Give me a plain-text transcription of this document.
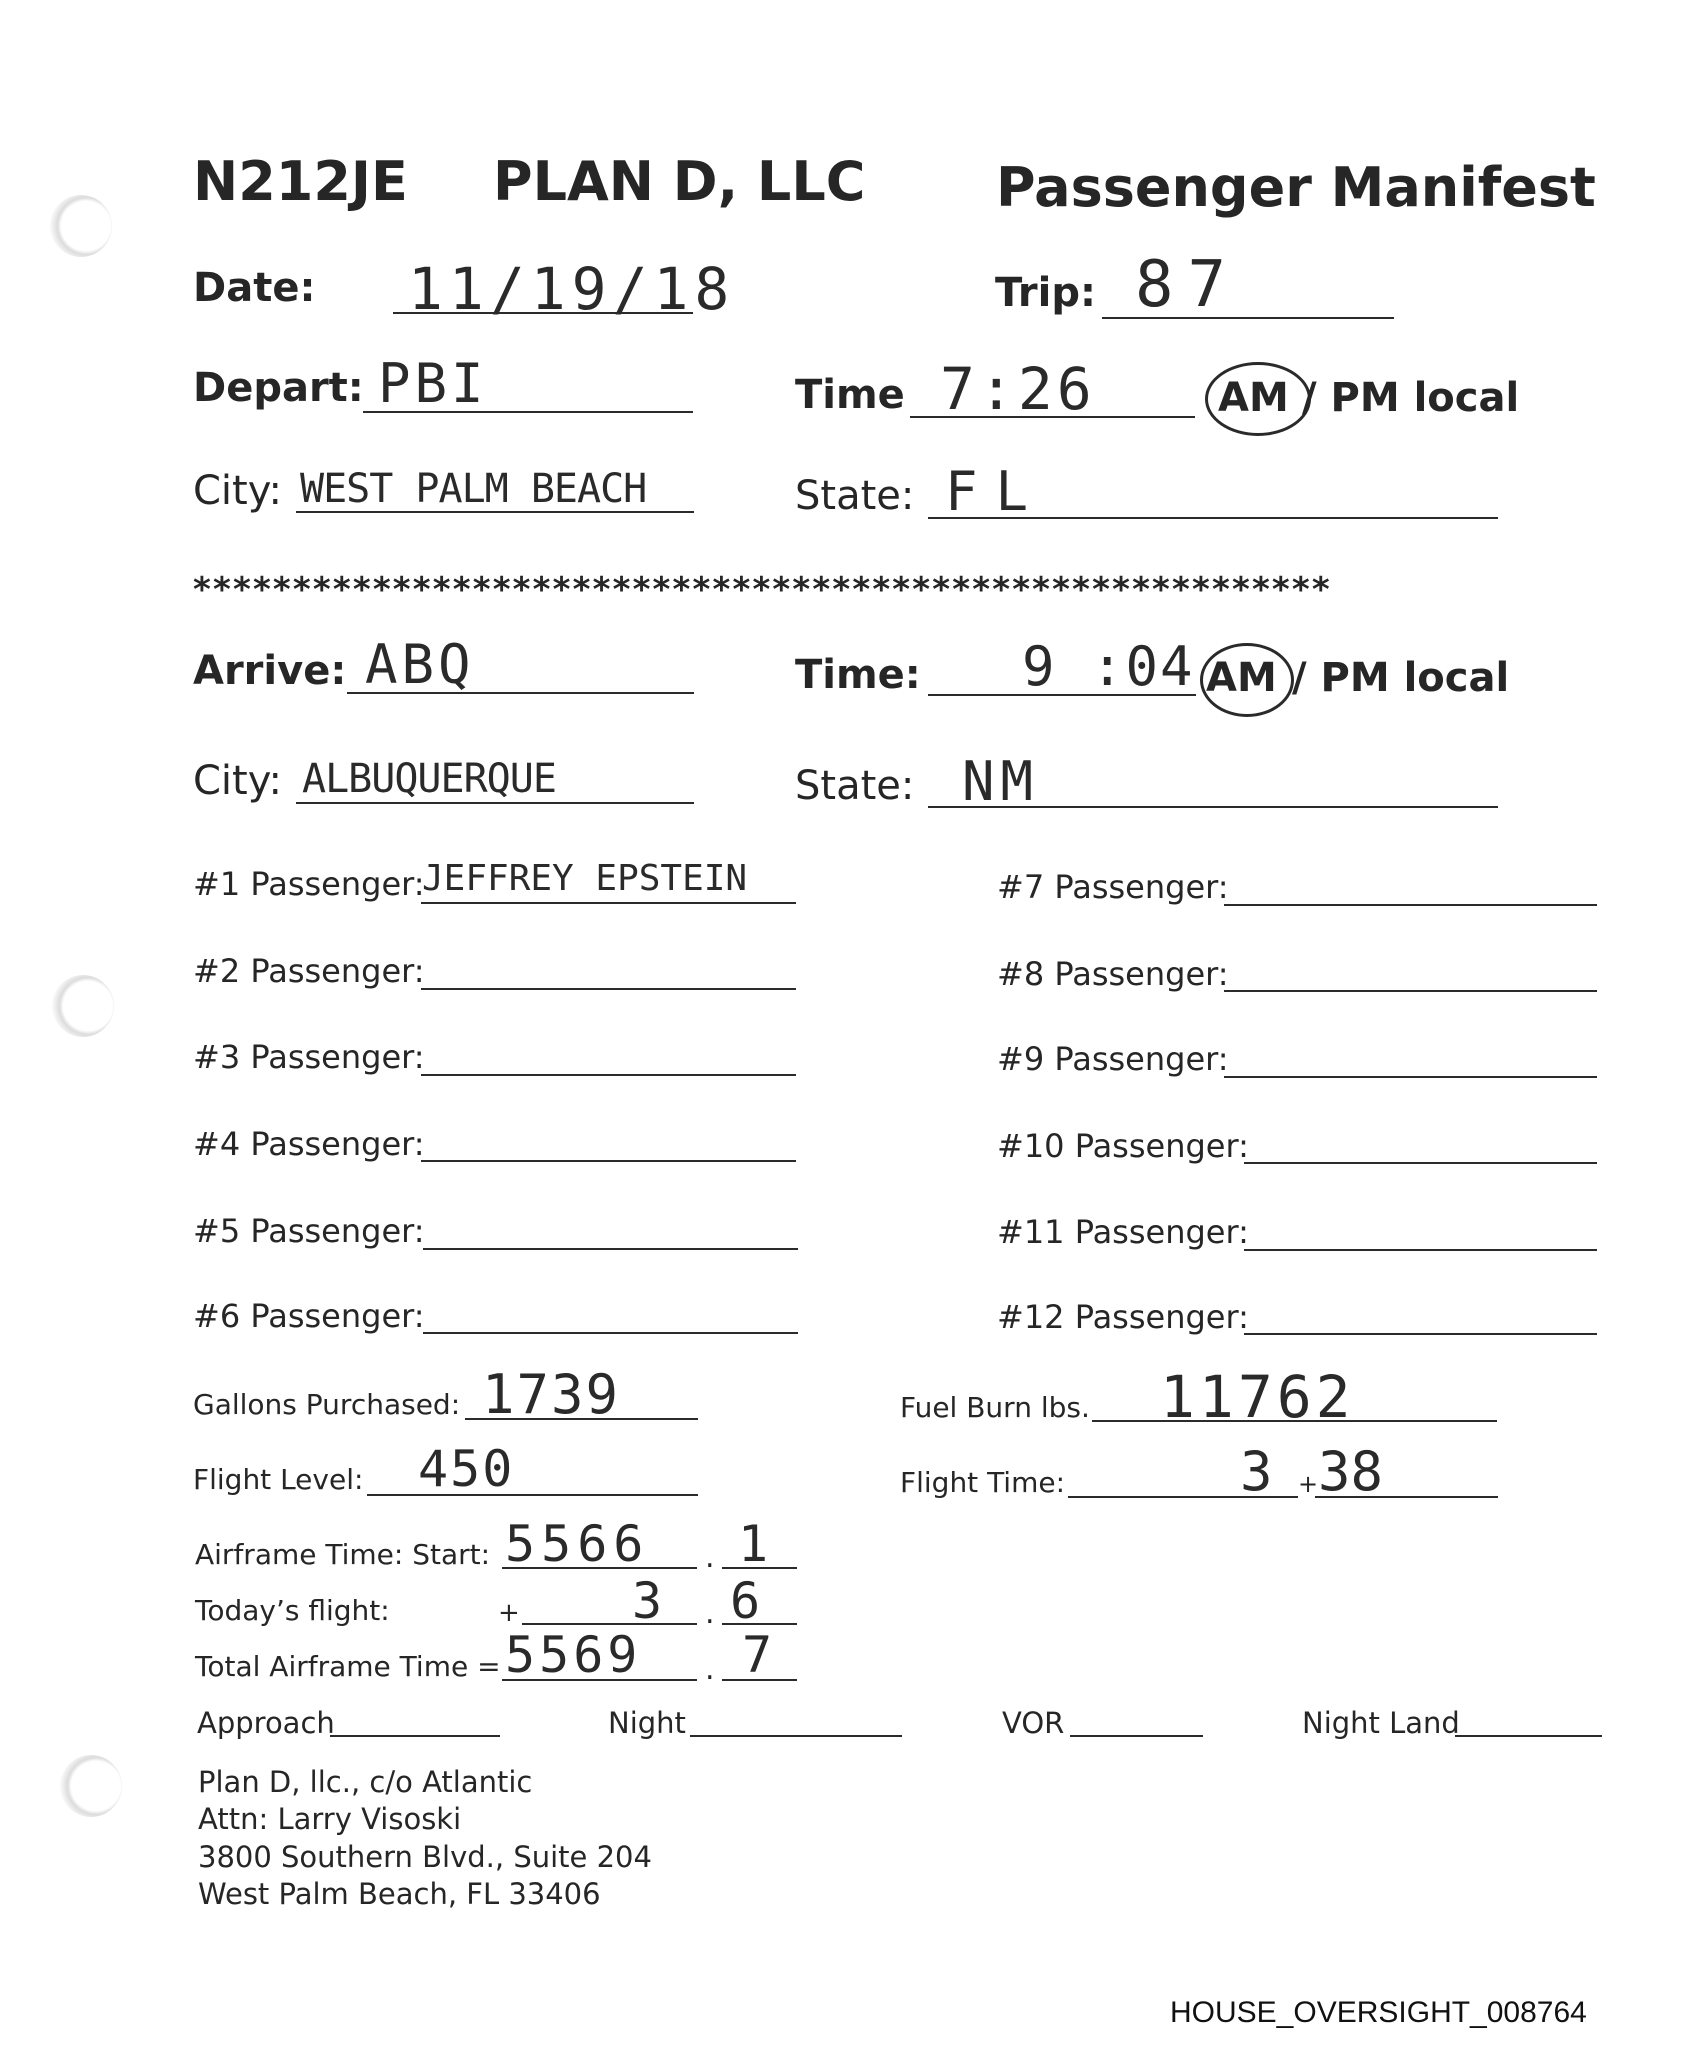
N212JE PLAN D, LLC Passenger Manifest
Date: 11/19/18	Trip: 87
Depart: PBI	Time 7:26	AM / PM local
City: WEST PALM BEACH	State: FL
*********************************************************
Arrive: ABQ	Time: 9 :04 AM / PM local
City: ALBUQUERQUE	State: NM
#1 Passenger:
JEFFREY EPSTEIN
#2 Passenger:
#3 Passenger:
#4 Passenger:
#5 Passenger:
#6 Passenger:
#7 Passenger:
#8 Passenger:
#9 Passenger:
#10 Passenger:
#11 Passenger:
#12 Passenger:
Gallons Purchased: 1739	Fuel Burn lbs. 11762
Flight Level: 450	Flight Time:	3 + 38
Airframe Time: Start: 5566 . 1
Today’s flight:	+ 3 . 6
Total Airframe Time = 5569 . 7
Approach	Night	VOR	Night Land
Plan D, llc., c/o Atlantic
Attn: Larry Visoski
3800 Southern Blvd., Suite 204
West Palm Beach, FL 33406
HOUSE_OVERSIGHT_008764
